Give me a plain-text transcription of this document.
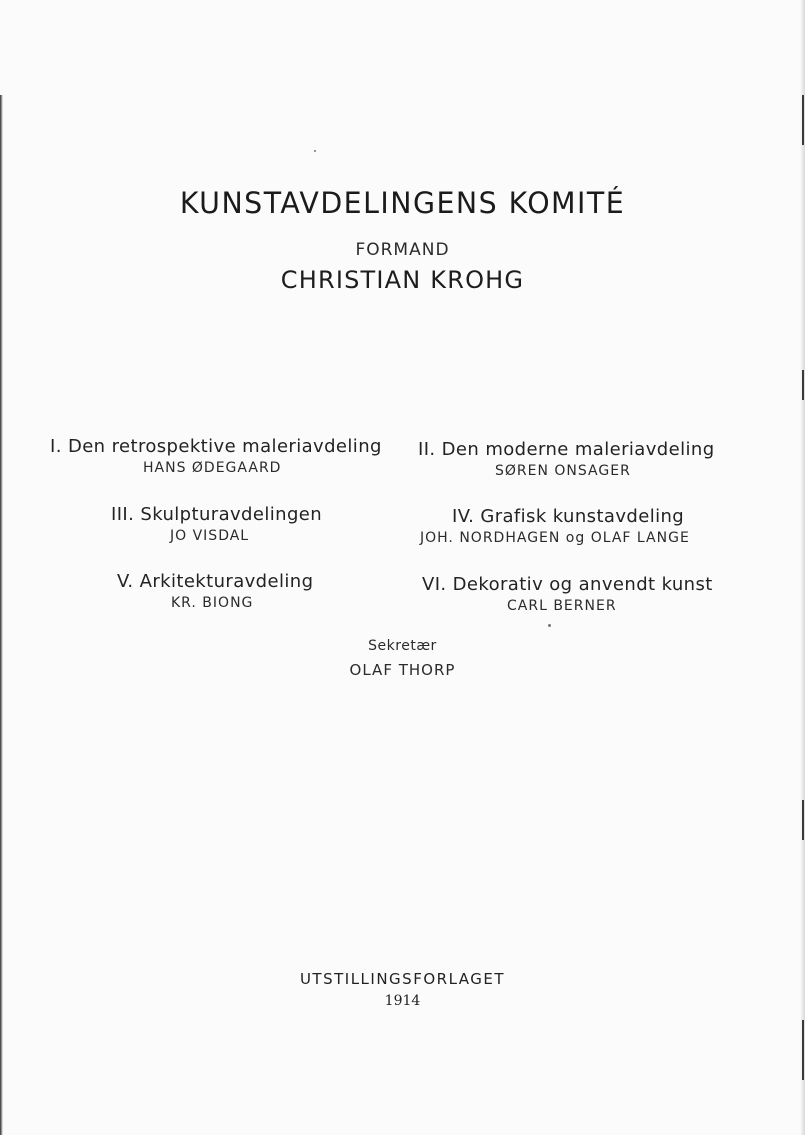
KUNSTAVDELINGENS KOMITÉ
FORMAND
CHRISTIAN KROHG
I. Den retrospektive maleriavdeling
HANS ØDEGAARD
II. Den moderne maleriavdeling
SØREN ONSAGER
III. Skulpturavdelingen
JO VISDAL
IV. Grafisk kunstavdeling
JOH. NORDHAGEN og OLAF LANGE
V. Arkitekturavdeling
KR. BIONG
VI. Dekorativ og anvendt kunst
CARL BERNER
Sekretær
OLAF THORP
UTSTILLINGSFORLAGET
1914
